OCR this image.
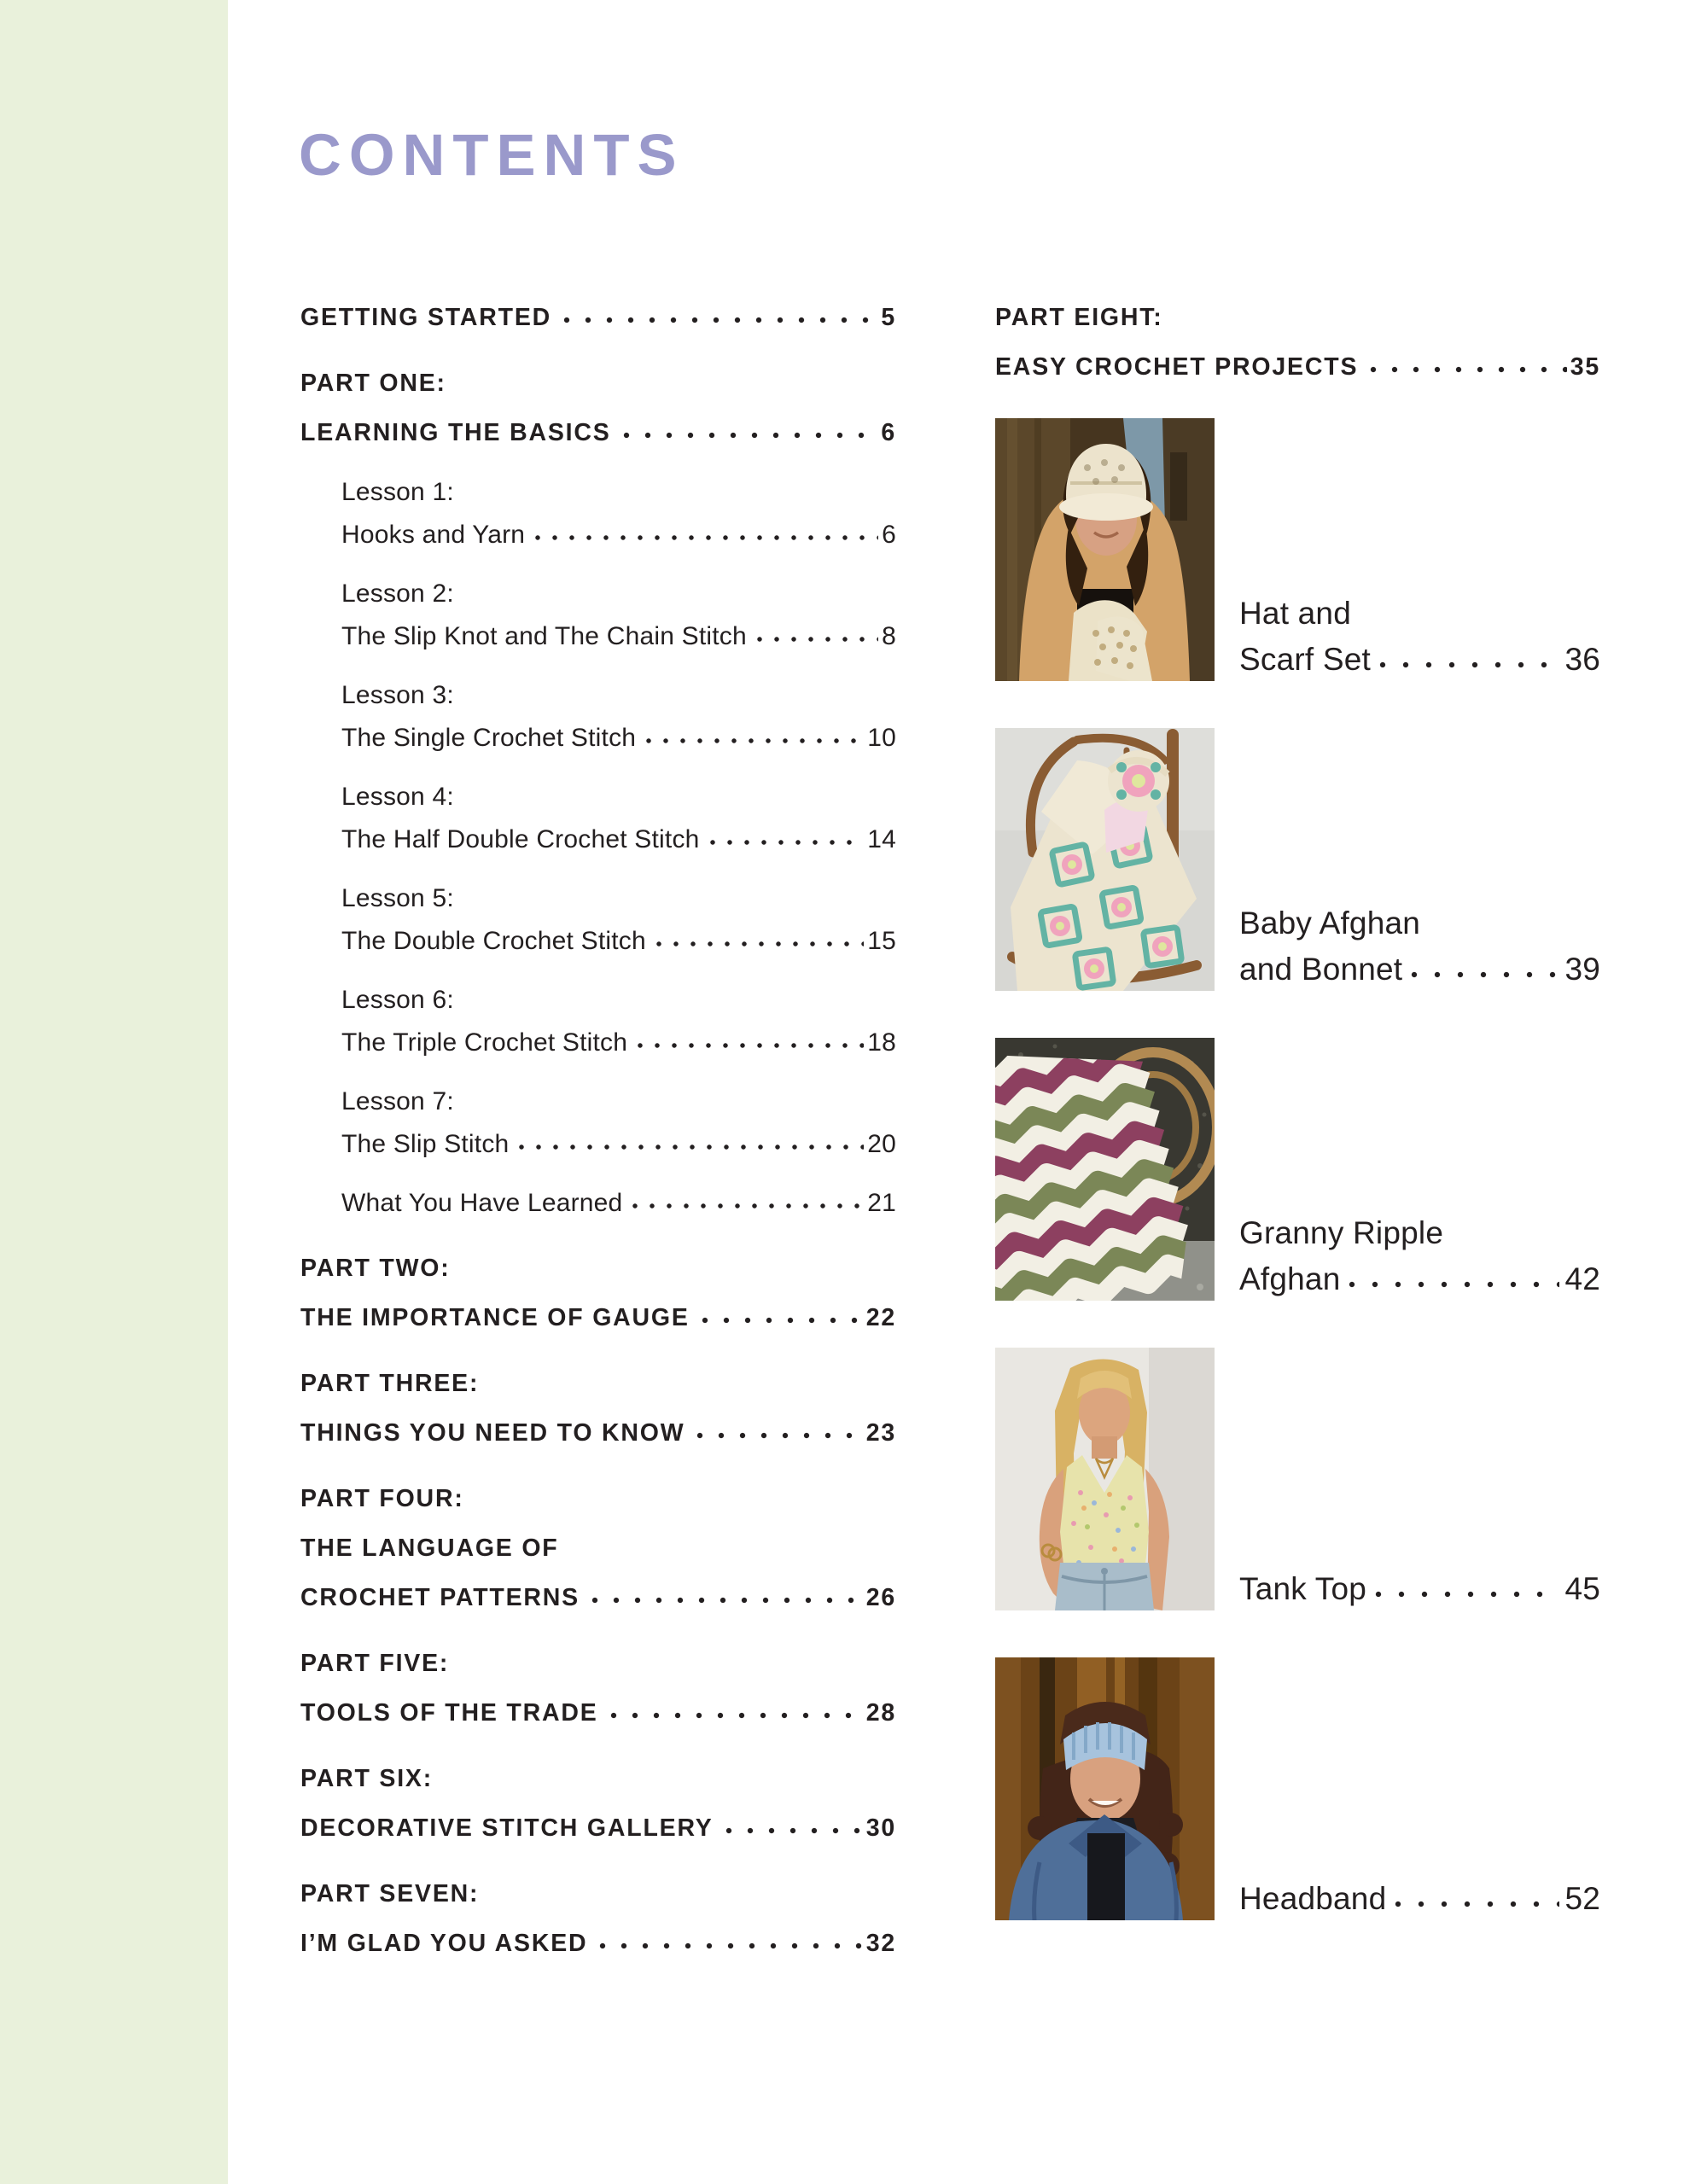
CONTENTS
GETTING STARTED	5
PART ONE:
LEARNING THE BASICS	6
Lesson 1:
Hooks and Yarn	6
Lesson 2:
The Slip Knot and The Chain Stitch	8
Lesson 3:
The Single Crochet Stitch	10
Lesson 4:
The Half Double Crochet Stitch	14
Lesson 5:
The Double Crochet Stitch	15
Lesson 6:
The Triple Crochet Stitch	18
Lesson 7:
The Slip Stitch	20
What You Have Learned	21
PART TWO:
THE IMPORTANCE OF GAUGE	22
PART THREE:
THINGS YOU NEED TO KNOW	23
PART FOUR:
THE LANGUAGE OF
CROCHET PATTERNS	26
PART FIVE:
TOOLS OF THE TRADE	28
PART SIX:
DECORATIVE STITCH GALLERY	30
PART SEVEN:
I’M GLAD YOU ASKED	32
PART EIGHT:
EASY CROCHET PROJECTS	35
Hat and
Scarf Set	36
Baby Afghan
and Bonnet	39
Granny Ripple
Afghan	42
Tank Top	45
Headband	52
